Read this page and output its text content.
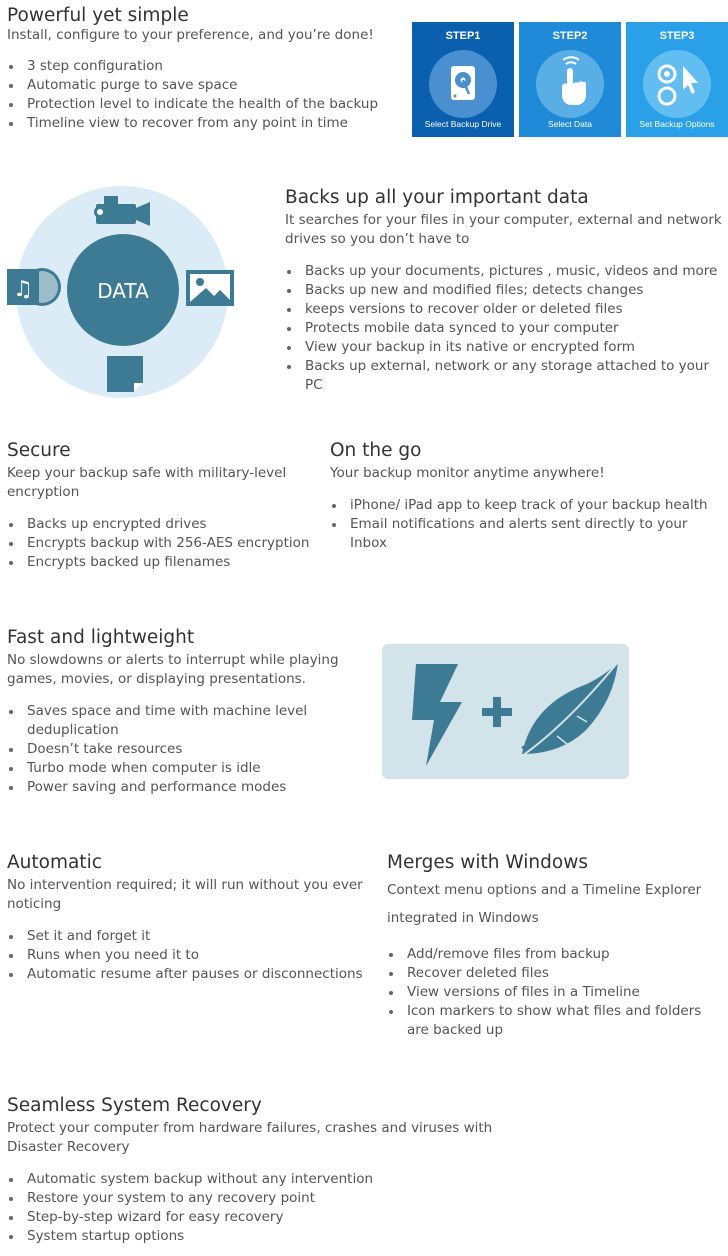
Powerful yet simple

Install, configure to your preference, and you’re done!

3 step configuration
Automatic purge to save space
Protection level to indicate the health of the backup
Timeline view to recover from any point in time
STEP1
Select Backup Drive
STEP2
Select Data
STEP3
Set Backup Options
♫	DATA
Backs up all your important data

It searches for your files in your computer, external and network drives so you don’t have to

Backs up your documents, pictures , music, videos and more
Backs up new and modified files; detects changes
keeps versions to recover older or deleted files
Protects mobile data synced to your computer
View your backup in its native or encrypted form
Backs up external, network or any storage attached to your PC
Secure

Keep your backup safe with military-level encryption

Backs up encrypted drives
Encrypts backup with 256-AES encryption
Encrypts backed up filenames
On the go

Your backup monitor anytime anywhere!

iPhone/ iPad app to keep track of your backup health
Email notifications and alerts sent directly to your Inbox
Fast and lightweight

No slowdowns or alerts to interrupt while playing games, movies, or displaying presentations.

Saves space and time with machine level deduplication
Doesn’t take resources
Turbo mode when computer is idle
Power saving and performance modes
Automatic

No intervention required; it will run without you ever noticing

Set it and forget it
Runs when you need it to
Automatic resume after pauses or disconnections
Merges with Windows

Context menu options and a Timeline Explorer integrated in Windows

Add/remove files from backup
Recover deleted files
View versions of files in a Timeline
Icon markers to show what files and folders are backed up
Seamless System Recovery

Protect your computer from hardware failures, crashes and viruses with Disaster Recovery

Automatic system backup without any intervention
Restore your system to any recovery point
Step-by-step wizard for easy recovery
System startup options
